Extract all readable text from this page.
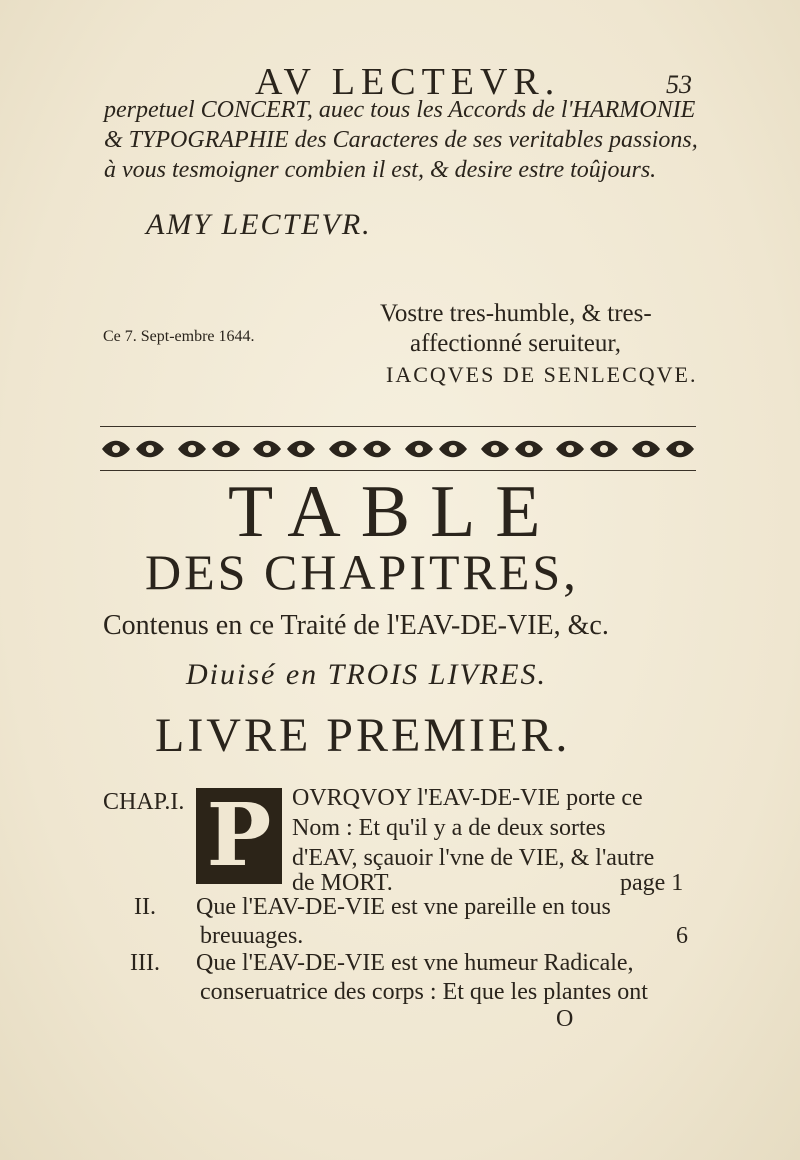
AV LECTEVR.	53
perpetuel CONCERT, auec tous les Accords de l'HARMONIE
& TYPOGRAPHIE des Caracteres de ses veritables passions,
à vous tesmoigner combien il est, & desire estre toûjours.
AMY LECTEVR.
Vostre tres-humble, & tres-
Ce 7. Sept-embre 1644.	affectionné seruiteur,
IACQVES DE SENLECQVE.
TABLE
DES CHAPITRES,
Contenus en ce Traité de l'EAV-DE-VIE, &c.
Diuisé en TROIS LIVRES.
LIVRE PREMIER.
CHAP.I. P OVRQVOY l'EAV-DE-VIE porte ce
Nom : Et qu'il y a de deux sortes
d'EAV, sçauoir l'vne de VIE, & l'autre
de MORT.	page 1
II. Que l'EAV-DE-VIE est vne pareille en tous
breuuages.	6
III. Que l'EAV-DE-VIE est vne humeur Radicale,
conseruatrice des corps : Et que les plantes ont
O
